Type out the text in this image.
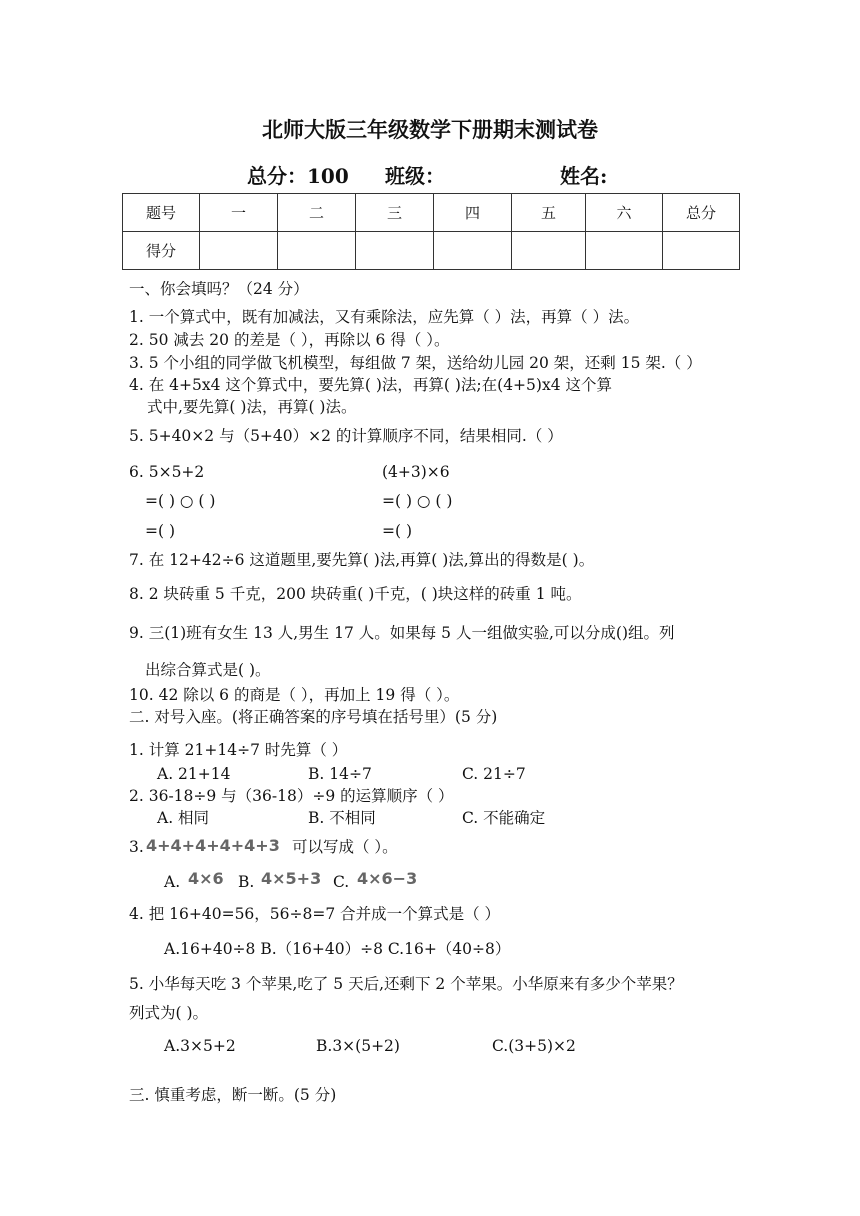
北师大版三年级数学下册期末测试卷
总分：100 班级：	姓名:
题号	一	二	三	四	五	六	总分
得分							
一、你会填吗？（24 分）
1. 一个算式中，既有加减法，又有乘除法，应先算（ ）法，再算（ ）法。
2. 50 减去 20 的差是（ ），再除以 6 得（ ）。
3. 5 个小组的同学做飞机模型，每组做 7 架，送给幼儿园 20 架，还剩 15 架.（ ）
4. 在 4+5x4 这个算式中，要先算( )法，再算( )法;在(4+5)x4 这个算
式中,要先算( )法，再算( )法。
5. 5+40×2 与（5+40）×2 的计算顺序不同，结果相同.（ ）
6. 5×5+2
=( ) ○ ( )
=( )
(4+3)×6
=( ) ○ ( )
=( )
7. 在 12+42÷6 这道题里,要先算( )法,再算( )法,算出的得数是( )。
8. 2 块砖重 5 千克，200 块砖重( )千克，( )块这样的砖重 1 吨。
9. 三(1)班有女生 13 人,男生 17 人。如果每 5 人一组做实验,可以分成()组。列
出综合算式是( )。
10. 42 除以 6 的商是（ ），再加上 19 得（ ）。
二. 对号入座。(将正确答案的序号填在括号里）(5 分)
1. 计算 21+14÷7 时先算（ ）
A. 21+14	B. 14÷7	C. 21÷7
2. 36-18÷9 与（36-18）÷9 的运算顺序（ ）
A. 相同	B. 不相同	C. 不能确定
3. 4+4+4+4+4+3 可以写成（ ）。
A. 4×6 B. 4×5+3 C. 4×6−3
4. 把 16+40=56，56÷8=7 合并成一个算式是（ ）
A.16+40÷8 B.（16+40）÷8 C.16+（40÷8）
5. 小华每天吃 3 个苹果,吃了 5 天后,还剩下 2 个苹果。小华原来有多少个苹果？
列式为( )。
A.3×5+2	B.3×(5+2)	C.(3+5)×2
三. 慎重考虑，断一断。(5 分)
